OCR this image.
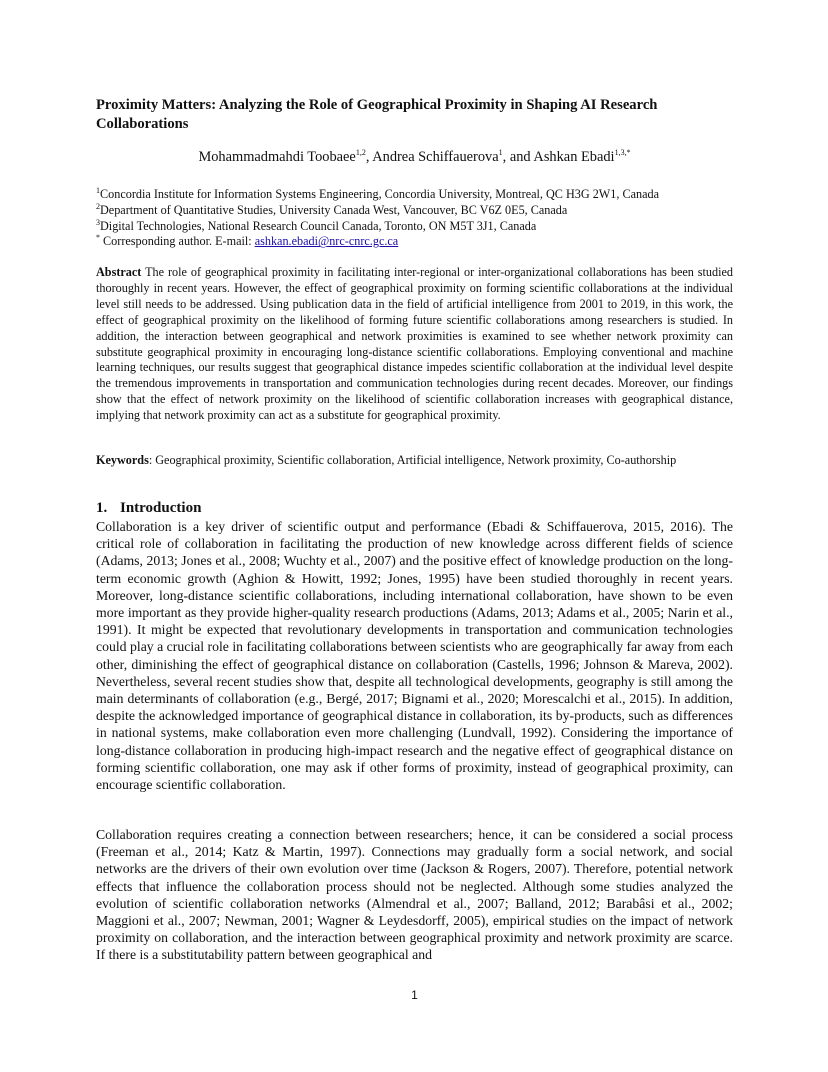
Proximity Matters: Analyzing the Role of Geographical Proximity in Shaping AI Research Collaborations
Mohammadmahdi Toobaee$^{1,2}$, Andrea Schiffauerova$^1$, and Ashkan Ebadi$^{1,3,*}$
$^1$Concordia Institute for Information Systems Engineering, Concordia University, Montreal, QC H3G 2W1, Canada
$^2$Department of Quantitative Studies, University Canada West, Vancouver, BC V6Z 0E5, Canada
$^3$Digital Technologies, National Research Council Canada, Toronto, ON M5T 3J1, Canada
* Corresponding author. E-mail: ashkan.ebadi@nrc-cnrc.gc.ca
Abstract The role of geographical proximity in facilitating inter-regional or inter-organizational collaborations has been studied thoroughly in recent years. However, the effect of geographical proximity on forming scientific collaborations at the individual level still needs to be addressed. Using publication data in the field of artificial intelligence from 2001 to 2019, in this work, the effect of geographical proximity on the likelihood of forming future scientific collaborations among researchers is studied. In addition, the interaction between geographical and network proximities is examined to see whether network proximity can substitute geographical proximity in encouraging long-distance scientific collaborations. Employing conventional and machine learning techniques, our results suggest that geographical distance impedes scientific collaboration at the individual level despite the tremendous improvements in transportation and communication technologies during recent decades. Moreover, our findings show that the effect of network proximity on the likelihood of scientific collaboration increases with geographical distance, implying that network proximity can act as a substitute for geographical proximity.
Keywords: Geographical proximity, Scientific collaboration, Artificial intelligence, Network proximity, Co-authorship
1. Introduction
Collaboration is a key driver of scientific output and performance (Ebadi & Schiffauerova, 2015, 2016). The critical role of collaboration in facilitating the production of new knowledge across different fields of science (Adams, 2013; Jones et al., 2008; Wuchty et al., 2007) and the positive effect of knowledge production on the long-term economic growth (Aghion & Howitt, 1992; Jones, 1995) have been studied thoroughly in recent years. Moreover, long-distance scientific collaborations, including international collaboration, have shown to be even more important as they provide higher-quality research productions (Adams, 2013; Adams et al., 2005; Narin et al., 1991). It might be expected that revolutionary developments in transportation and communication technologies could play a crucial role in facilitating collaborations between scientists who are geographically far away from each other, diminishing the effect of geographical distance on collaboration (Castells, 1996; Johnson & Mareva, 2002). Nevertheless, several recent studies show that, despite all technological developments, geography is still among the main determinants of collaboration (e.g., Bergé, 2017; Bignami et al., 2020; Morescalchi et al., 2015). In addition, despite the acknowledged importance of geographical distance in collaboration, its by-products, such as differences in national systems, make collaboration even more challenging (Lundvall, 1992). Considering the importance of long-distance collaboration in producing high-impact research and the negative effect of geographical distance on forming scientific collaboration, one may ask if other forms of proximity, instead of geographical proximity, can encourage scientific collaboration.
Collaboration requires creating a connection between researchers; hence, it can be considered a social process (Freeman et al., 2014; Katz & Martin, 1997). Connections may gradually form a social network, and social networks are the drivers of their own evolution over time (Jackson & Rogers, 2007). Therefore, potential network effects that influence the collaboration process should not be neglected. Although some studies analyzed the evolution of scientific collaboration networks (Almendral et al., 2007; Balland, 2012; Barabâsi et al., 2002; Maggioni et al., 2007; Newman, 2001; Wagner & Leydesdorff, 2005), empirical studies on the impact of network proximity on collaboration, and the interaction between geographical proximity and network proximity are scarce. If there is a substitutability pattern between geographical and
1
